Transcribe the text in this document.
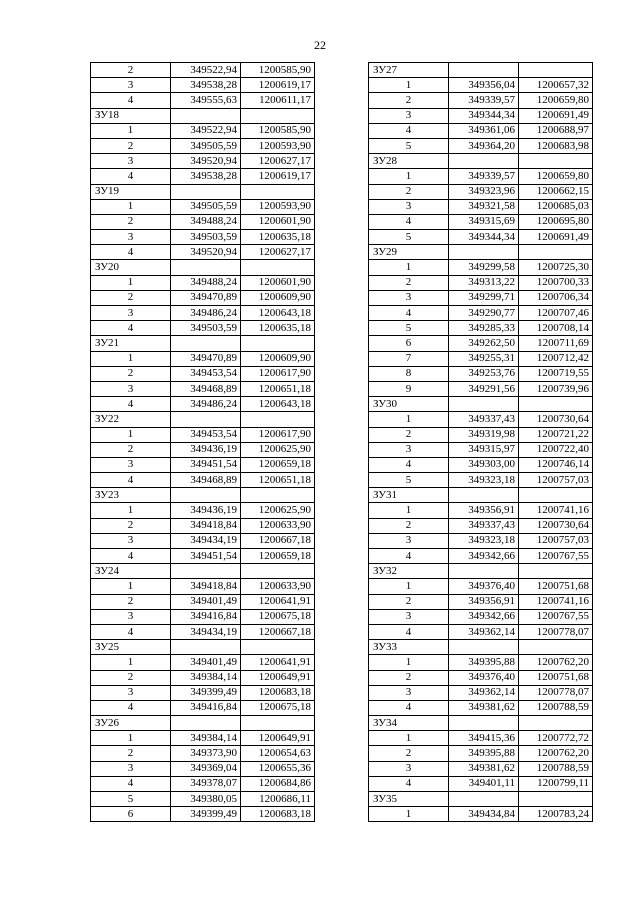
22
2	349522,94	1200585,90
3	349538,28	1200619,17
4	349555,63	1200611,17
ЗУ18		
1	349522,94	1200585,90
2	349505,59	1200593,90
3	349520,94	1200627,17
4	349538,28	1200619,17
ЗУ19		
1	349505,59	1200593,90
2	349488,24	1200601,90
3	349503,59	1200635,18
4	349520,94	1200627,17
ЗУ20		
1	349488,24	1200601,90
2	349470,89	1200609,90
3	349486,24	1200643,18
4	349503,59	1200635,18
ЗУ21		
1	349470,89	1200609,90
2	349453,54	1200617,90
3	349468,89	1200651,18
4	349486,24	1200643,18
ЗУ22		
1	349453,54	1200617,90
2	349436,19	1200625,90
3	349451,54	1200659,18
4	349468,89	1200651,18
ЗУ23		
1	349436,19	1200625,90
2	349418,84	1200633,90
3	349434,19	1200667,18
4	349451,54	1200659,18
ЗУ24		
1	349418,84	1200633,90
2	349401,49	1200641,91
3	349416,84	1200675,18
4	349434,19	1200667,18
ЗУ25		
1	349401,49	1200641,91
2	349384,14	1200649,91
3	349399,49	1200683,18
4	349416,84	1200675,18
ЗУ26		
1	349384,14	1200649,91
2	349373,90	1200654,63
3	349369,04	1200655,36
4	349378,07	1200684,86
5	349380,05	1200686,11
6	349399,49	1200683,18
ЗУ27		
1	349356,04	1200657,32
2	349339,57	1200659,80
3	349344,34	1200691,49
4	349361,06	1200688,97
5	349364,20	1200683,98
ЗУ28		
1	349339,57	1200659,80
2	349323,96	1200662,15
3	349321,58	1200685,03
4	349315,69	1200695,80
5	349344,34	1200691,49
ЗУ29		
1	349299,58	1200725,30
2	349313,22	1200700,33
3	349299,71	1200706,34
4	349290,77	1200707,46
5	349285,33	1200708,14
6	349262,50	1200711,69
7	349255,31	1200712,42
8	349253,76	1200719,55
9	349291,56	1200739,96
ЗУ30		
1	349337,43	1200730,64
2	349319,98	1200721,22
3	349315,97	1200722,40
4	349303,00	1200746,14
5	349323,18	1200757,03
ЗУ31		
1	349356,91	1200741,16
2	349337,43	1200730,64
3	349323,18	1200757,03
4	349342,66	1200767,55
ЗУ32		
1	349376,40	1200751,68
2	349356,91	1200741,16
3	349342,66	1200767,55
4	349362,14	1200778,07
ЗУ33		
1	349395,88	1200762,20
2	349376,40	1200751,68
3	349362,14	1200778,07
4	349381,62	1200788,59
ЗУ34		
1	349415,36	1200772,72
2	349395,88	1200762,20
3	349381,62	1200788,59
4	349401,11	1200799,11
ЗУ35		
1	349434,84	1200783,24
